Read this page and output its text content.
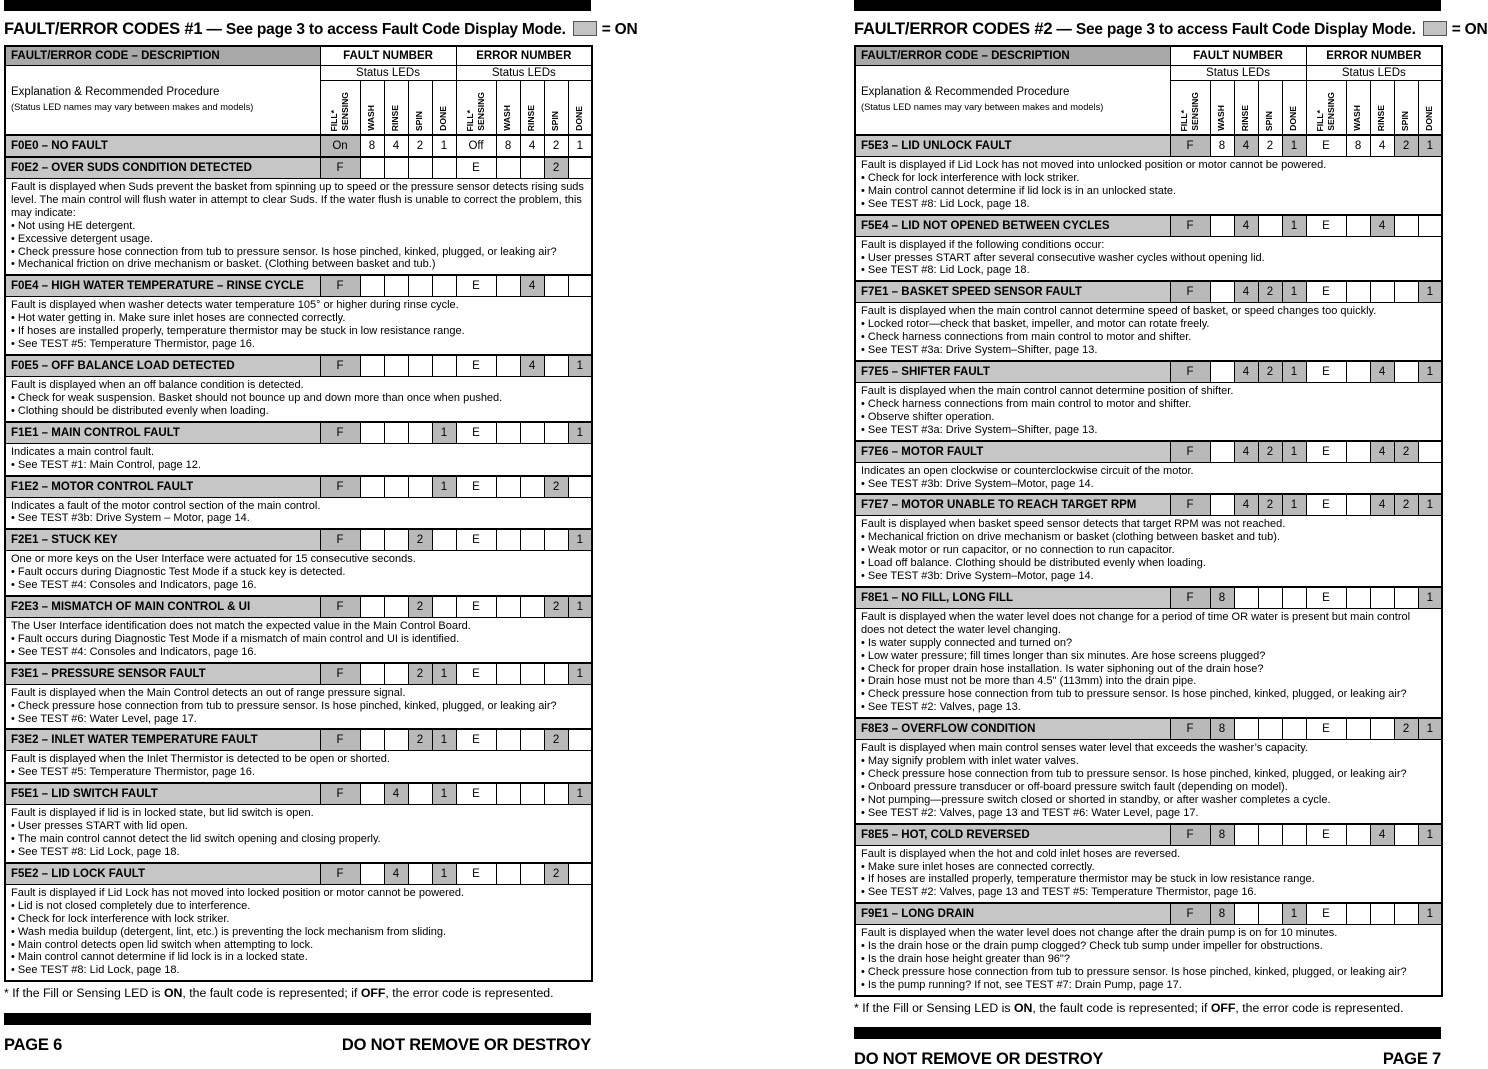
FAULT/ERROR CODES #1 — See page 3 to access Fault Code Display Mode. = ON
FAULT/ERROR CODE – DESCRIPTION	FAULT NUMBER					ERROR NUMBER				
Explanation & Recommended Procedure
(Status LED names may vary between makes and models)	Status LEDs					Status LEDs				

	FILL* SENSING	WASH	RINSE	SPIN	DONE	FILL* SENSING	WASH	RINSE	SPIN	DONE

F0E0 – NO FAULT	On	8	4	2	1	Off	8	4	2	1
F0E2 – OVER SUDS CONDITION DETECTED	F					E			2	

Fault is displayed when Suds prevent the basket from spinning up to speed or the pressure sensor detects rising suds level. The main control will flush water in attempt to clear Suds. If the water flush is unable to correct the problem, this may indicate:
• Not using HE detergent.
• Excessive detergent usage.
• Check pressure hose connection from tub to pressure sensor. Is hose pinched, kinked, plugged, or leaking air?
• Mechanical friction on drive mechanism or basket. (Clothing between basket and tub.)										

F0E4 – HIGH WATER TEMPERATURE – RINSE CYCLE	F					E		4		

Fault is displayed when washer detects water temperature 105° or higher during rinse cycle.
• Hot water getting in. Make sure inlet hoses are connected correctly.
• If hoses are installed properly, temperature thermistor may be stuck in low resistance range.
• See TEST #5: Temperature Thermistor, page 16.										

F0E5 – OFF BALANCE LOAD DETECTED	F					E		4		1

Fault is displayed when an off balance condition is detected.
• Check for weak suspension. Basket should not bounce up and down more than once when pushed.
• Clothing should be distributed evenly when loading.										

F1E1 – MAIN CONTROL FAULT	F				1	E				1

Indicates a main control fault.
• See TEST #1: Main Control, page 12.										

F1E2 – MOTOR CONTROL FAULT	F				1	E			2	

Indicates a fault of the motor control section of the main control.
• See TEST #3b: Drive System – Motor, page 14.										

F2E1 – STUCK KEY	F			2		E				1

One or more keys on the User Interface were actuated for 15 consecutive seconds.
• Fault occurs during Diagnostic Test Mode if a stuck key is detected.
• See TEST #4: Consoles and Indicators, page 16.										

F2E3 – MISMATCH OF MAIN CONTROL & UI	F			2		E			2	1

The User Interface identification does not match the expected value in the Main Control Board.
• Fault occurs during Diagnostic Test Mode if a mismatch of main control and UI is identified.
• See TEST #4: Consoles and Indicators, page 16.										

F3E1 – PRESSURE SENSOR FAULT	F			2	1	E				1

Fault is displayed when the Main Control detects an out of range pressure signal.
• Check pressure hose connection from tub to pressure sensor. Is hose pinched, kinked, plugged, or leaking air?
• See TEST #6: Water Level, page 17.										

F3E2 – INLET WATER TEMPERATURE FAULT	F			2	1	E			2	

Fault is displayed when the Inlet Thermistor is detected to be open or shorted.
• See TEST #5: Temperature Thermistor, page 16.										

F5E1 – LID SWITCH FAULT	F		4		1	E				1

Fault is displayed if lid is in locked state, but lid switch is open.
• User presses START with lid open.
• The main control cannot detect the lid switch opening and closing properly.
• See TEST #8: Lid Lock, page 18.										

F5E2 – LID LOCK FAULT	F		4		1	E			2	

Fault is displayed if Lid Lock has not moved into locked position or motor cannot be powered.
• Lid is not closed completely due to interference.
• Check for lock interference with lock striker.
• Wash media buildup (detergent, lint, etc.) is preventing the lock mechanism from sliding.
• Main control detects open lid switch when attempting to lock.
• Main control cannot determine if lid lock is in a locked state.
• See TEST #8: Lid Lock, page 18.

* If the Fill or Sensing LED is ON, the fault code is represented; if OFF, the error code is represented.

PAGE 6	DO NOT REMOVE OR DESTROY
FAULT/ERROR CODES #2 — See page 3 to access Fault Code Display Mode. = ON
FAULT/ERROR CODE – DESCRIPTION	FAULT NUMBER					ERROR NUMBER				
Explanation & Recommended Procedure
(Status LED names may vary between makes and models)	Status LEDs					Status LEDs				

	FILL* SENSING	WASH	RINSE	SPIN	DONE	FILL* SENSING	WASH	RINSE	SPIN	DONE

F5E3 – LID UNLOCK FAULT	F	8	4	2	1	E	8	4	2	1

Fault is displayed if Lid Lock has not moved into unlocked position or motor cannot be powered.
• Check for lock interference with lock striker.
• Main control cannot determine if lid lock is in an unlocked state.
• See TEST #8: Lid Lock, page 18.										

F5E4 – LID NOT OPENED BETWEEN CYCLES	F		4		1	E		4		

Fault is displayed if the following conditions occur:
• User presses START after several consecutive washer cycles without opening lid.
• See TEST #8: Lid Lock, page 18.										

F7E1 – BASKET SPEED SENSOR FAULT	F		4	2	1	E				1

Fault is displayed when the main control cannot determine speed of basket, or speed changes too quickly.
• Locked rotor—check that basket, impeller, and motor can rotate freely.
• Check harness connections from main control to motor and shifter.
• See TEST #3a: Drive System–Shifter, page 13.										

F7E5 – SHIFTER FAULT	F		4	2	1	E		4		1

Fault is displayed when the main control cannot determine position of shifter.
• Check harness connections from main control to motor and shifter.
• Observe shifter operation.
• See TEST #3a: Drive System–Shifter, page 13.										

F7E6 – MOTOR FAULT	F		4	2	1	E		4	2	

Indicates an open clockwise or counterclockwise circuit of the motor.
• See TEST #3b: Drive System–Motor, page 14.										

F7E7 – MOTOR UNABLE TO REACH TARGET RPM	F		4	2	1	E		4	2	1

Fault is displayed when basket speed sensor detects that target RPM was not reached.
• Mechanical friction on drive mechanism or basket (clothing between basket and tub).
• Weak motor or run capacitor, or no connection to run capacitor.
• Load off balance. Clothing should be distributed evenly when loading.
• See TEST #3b: Drive System–Motor, page 14.										

F8E1 – NO FILL, LONG FILL	F	8				E				1

Fault is displayed when the water level does not change for a period of time OR water is present but main control does not detect the water level changing.
• Is water supply connected and turned on?
• Low water pressure; fill times longer than six minutes. Are hose screens plugged?
• Check for proper drain hose installation. Is water siphoning out of the drain hose?
• Drain hose must not be more than 4.5" (113mm) into the drain pipe.
• Check pressure hose connection from tub to pressure sensor. Is hose pinched, kinked, plugged, or leaking air?
• See TEST #2: Valves, page 13.

F8E3 – OVERFLOW CONDITION	F	8				E			2	1

Fault is displayed when main control senses water level that exceeds the washer’s capacity.
• May signify problem with inlet water valves.
• Check pressure hose connection from tub to pressure sensor. Is hose pinched, kinked, plugged, or leaking air?
• Onboard pressure transducer or off-board pressure switch fault (depending on model).
• Not pumping—pressure switch closed or shorted in standby, or after washer completes a cycle.
• See TEST #2: Valves, page 13 and TEST #6: Water Level, page 17.

F8E5 – HOT, COLD REVERSED	F	8				E		4		1

Fault is displayed when the hot and cold inlet hoses are reversed.
• Make sure inlet hoses are connected correctly.
• If hoses are installed properly, temperature thermistor may be stuck in low resistance range.
• See TEST #2: Valves, page 13 and TEST #5: Temperature Thermistor, page 16.										

F9E1 – LONG DRAIN	F	8			1	E				1

Fault is displayed when the water level does not change after the drain pump is on for 10 minutes.
• Is the drain hose or the drain pump clogged? Check tub sump under impeller for obstructions.
• Is the drain hose height greater than 96"?
• Check pressure hose connection from tub to pressure sensor. Is hose pinched, kinked, plugged, or leaking air?
• Is the pump running? If not, see TEST #7: Drain Pump, page 17.										

* If the Fill or Sensing LED is ON, the fault code is represented; if OFF, the error code is represented.

DO NOT REMOVE OR DESTROY	PAGE 7
